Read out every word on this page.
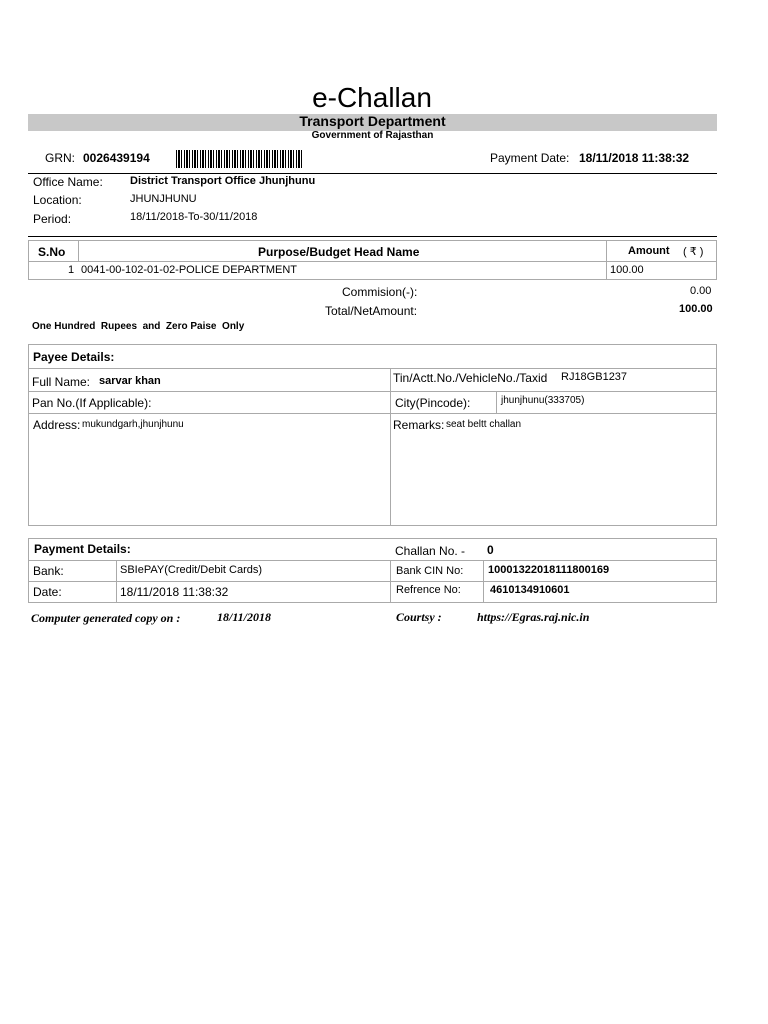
e-Challan
Transport Department
Government of Rajasthan
GRN: 0026439194	Payment Date: 18/11/2018 11:38:32
Office Name: District Transport Office Jhunjhunu
Location:	JHUNJHUNU
Period:	18/11/2018-To-30/11/2018
S.No	Purpose/Budget Head Name	Amount ( ₹ )
1 0041-00-102-01-02-POLICE DEPARTMENT	100.00
Commision(-):	0.00
Total/NetAmount:	100.00
One Hundred  Rupees  and  Zero Paise  Only
Payee Details:
Full Name: sarvar khan	Tin/Actt.No./VehicleNo./Taxid RJ18GB1237
Pan No.(If Applicable):	City(Pincode):	jhunjhunu(333705)
Address: mukundgarh,jhunjhunu	Remarks: seat beltt challan
Payment Details:	Challan No. - 0
Bank:	SBIePAY(Credit/Debit Cards)	Bank CIN No: 10001322018111800169
Date:	18/11/2018 11:38:32	Refrence No:	4610134910601
Computer generated copy on :	18/11/2018	Courtsy :	https://Egras.raj.nic.in
